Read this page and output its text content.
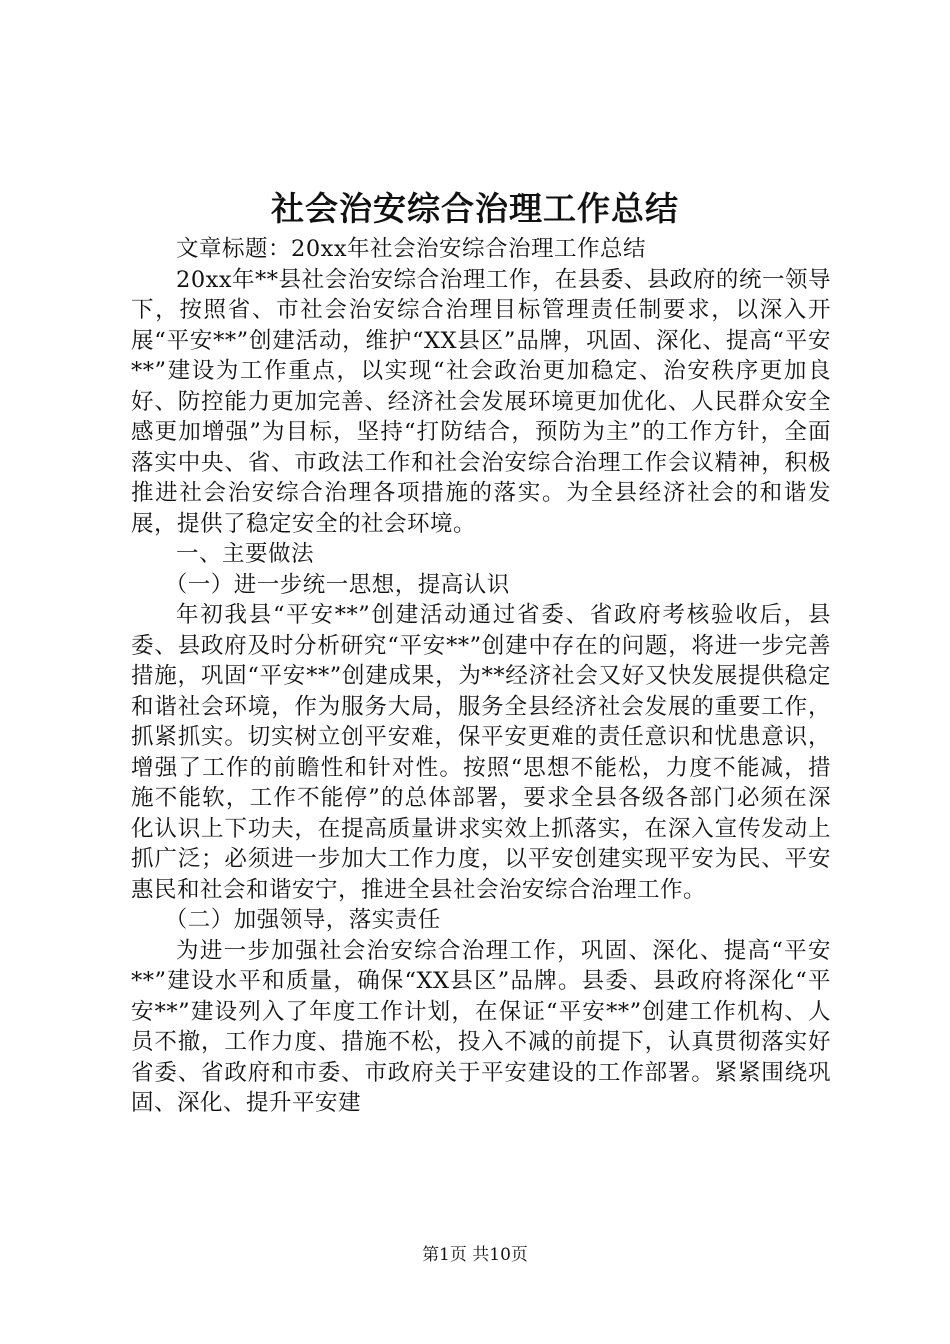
社会治安综合治理工作总结

文章标题：20xx年社会治安综合治理工作总结

20xx年**县社会治安综合治理工作，在县委、县政府的统一领导下，按照省、市社会治安综合治理目标管理责任制要求，以深入开展“平安**”创建活动，维护“XX县区”品牌，巩固、深化、提高“平安**”建设为工作重点，以实现“社会政治更加稳定、治安秩序更加良好、防控能力更加完善、经济社会发展环境更加优化、人民群众安全感更加增强”为目标，坚持“打防结合，预防为主”的工作方针，全面落实中央、省、市政法工作和社会治安综合治理工作会议精神，积极推进社会治安综合治理各项措施的落实。为全县经济社会的和谐发展，提供了稳定安全的社会环境。

一、主要做法

（一）进一步统一思想，提高认识

年初我县“平安**”创建活动通过省委、省政府考核验收后，县委、县政府及时分析研究“平安**”创建中存在的问题，将进一步完善措施，巩固“平安**”创建成果，为**经济社会又好又快发展提供稳定和谐社会环境，作为服务大局，服务全县经济社会发展的重要工作，抓紧抓实。切实树立创平安难，保平安更难的责任意识和忧患意识，增强了工作的前瞻性和针对性。按照“思想不能松，力度不能减，措施不能软，工作不能停”的总体部署，要求全县各级各部门必须在深化认识上下功夫，在提高质量讲求实效上抓落实，在深入宣传发动上抓广泛；必须进一步加大工作力度，以平安创建实现平安为民、平安惠民和社会和谐安宁，推进全县社会治安综合治理工作。

（二）加强领导，落实责任

为进一步加强社会治安综合治理工作，巩固、深化、提高“平安**”建设水平和质量，确保“XX县区”品牌。县委、县政府将深化“平安**”建设列入了年度工作计划，在保证“平安**”创建工作机构、人员不撤，工作力度、措施不松，投入不减的前提下，认真贯彻落实好省委、省政府和市委、市政府关于平安建设的工作部署。紧紧围绕巩固、深化、提升平安建

第1页 共10页
